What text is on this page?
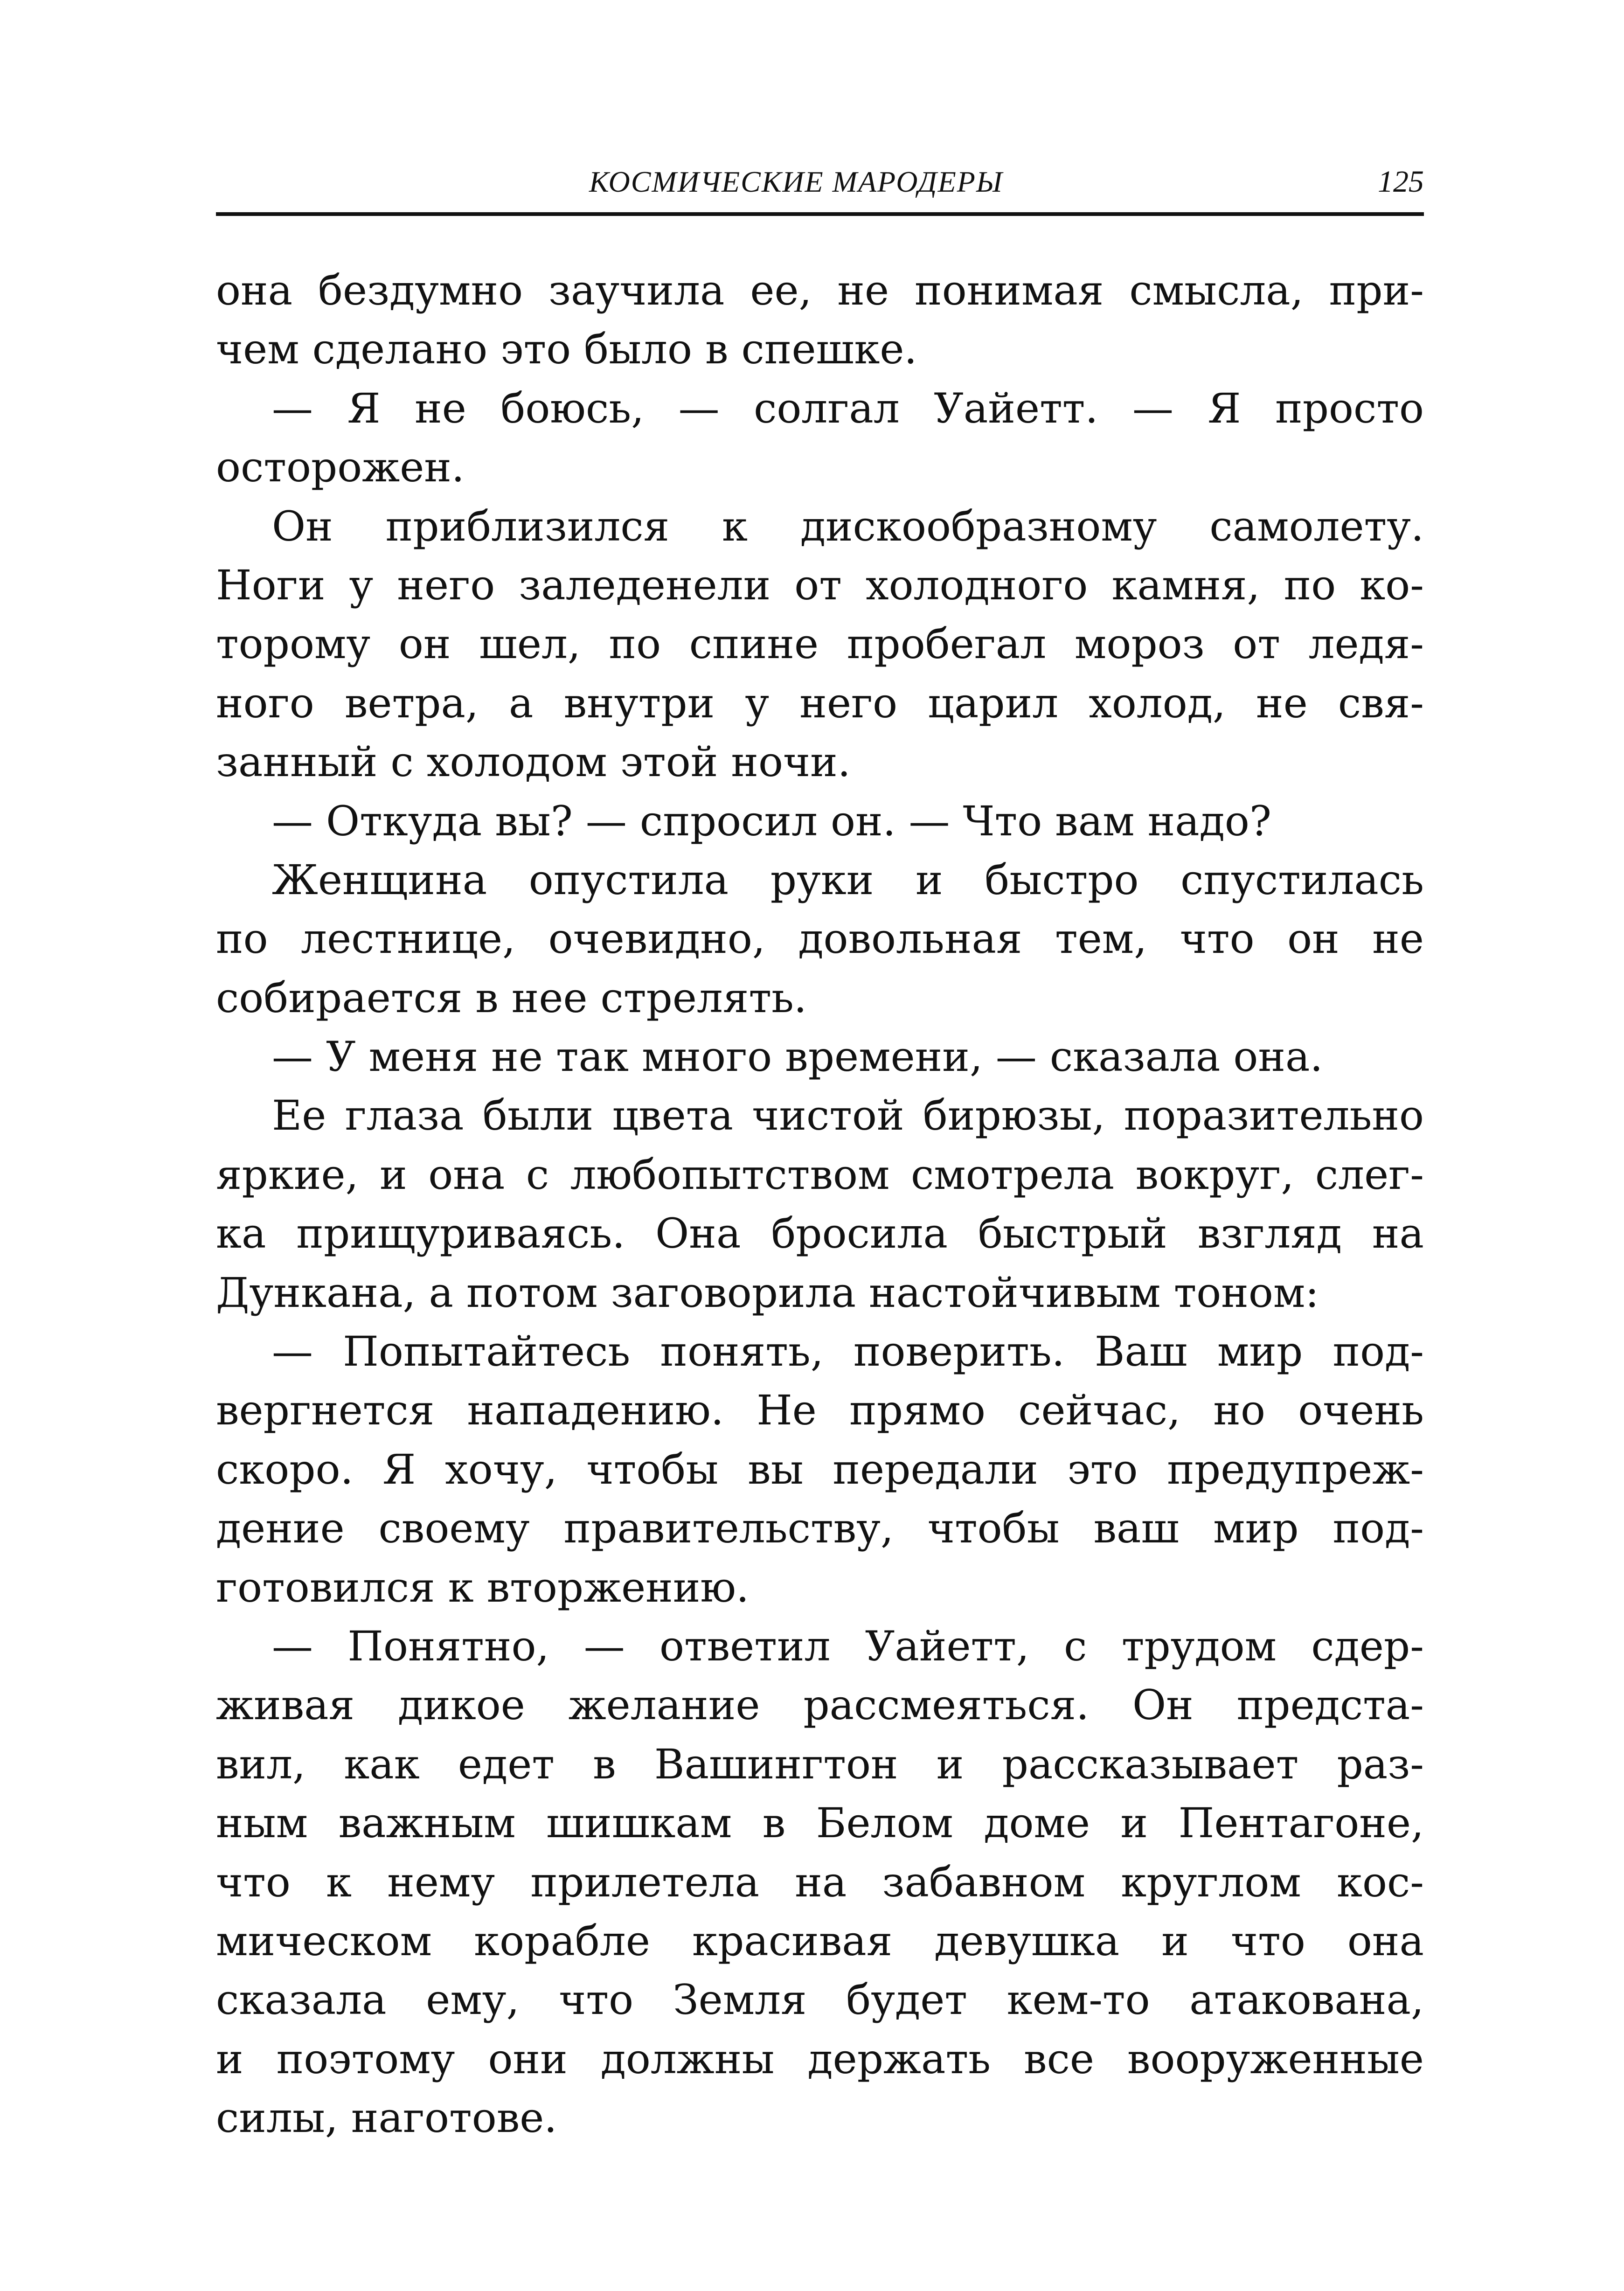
КОСМИЧЕСКИЕ МАРОДЕРЫ	125
она бездумно заучила ее, не понимая смысла, при-
чем сделано это было в спешке.
— Я не боюсь, — солгал Уайетт. — Я просто
осторожен.
Он приблизился к дискообразному самолету.
Ноги у него заледенели от холодного камня, по ко-
торому он шел, по спине пробегал мороз от ледя-
ного ветра, а внутри у него царил холод, не свя-
занный с холодом этой ночи.
— Откуда вы? — спросил он. — Что вам надо?
Женщина опустила руки и быстро спустилась
по лестнице, очевидно, довольная тем, что он не
собирается в нее стрелять.
— У меня не так много времени, — сказала она.
Ее глаза были цвета чистой бирюзы, поразительно
яркие, и она с любопытством смотрела вокруг, слег-
ка прищуриваясь. Она бросила быстрый взгляд на
Дункана, а потом заговорила настойчивым тоном:
— Попытайтесь понять, поверить. Ваш мир под-
вергнется нападению. Не прямо сейчас, но очень
скоро. Я хочу, чтобы вы передали это предупреж-
дение своему правительству, чтобы ваш мир под-
готовился к вторжению.
— Понятно, — ответил Уайетт, с трудом сдер-
живая дикое желание рассмеяться. Он предста-
вил, как едет в Вашингтон и рассказывает раз-
ным важным шишкам в Белом доме и Пентагоне,
что к нему прилетела на забавном круглом кос-
мическом корабле красивая девушка и что она
сказала ему, что Земля будет кем-то атакована,
и поэтому они должны держать все вооруженные
силы, наготове.
